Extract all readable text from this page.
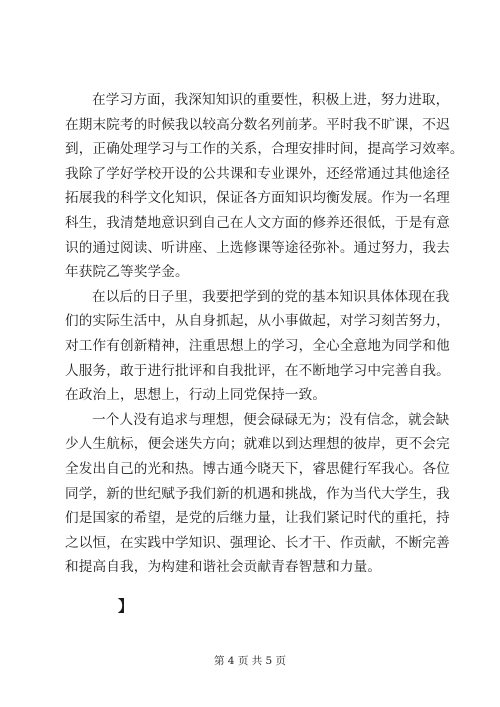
在学习方面，我深知知识的重要性，积极上进，努力进取，
在期末院考的时候我以较高分数名列前茅。平时我不旷课，不迟
到，正确处理学习与工作的关系，合理安排时间，提高学习效率。
我除了学好学校开设的公共课和专业课外，还经常通过其他途径
拓展我的科学文化知识，保证各方面知识均衡发展。作为一名理
科生，我清楚地意识到自己在人文方面的修养还很低，于是有意
识的通过阅读、听讲座、上选修课等途径弥补。通过努力，我去
年获院乙等奖学金。
在以后的日子里，我要把学到的党的基本知识具体体现在我
们的实际生活中，从自身抓起，从小事做起，对学习刻苦努力，
对工作有创新精神，注重思想上的学习，全心全意地为同学和他
人服务，敢于进行批评和自我批评，在不断地学习中完善自我。
在政治上，思想上，行动上同党保持一致。
一个人没有追求与理想，便会碌碌无为；没有信念，就会缺
少人生航标，便会迷失方向；就难以到达理想的彼岸，更不会完
全发出自己的光和热。博古通今晓天下，睿思健行军我心。各位
同学，新的世纪赋予我们新的机遇和挑战，作为当代大学生，我
们是国家的希望，是党的后继力量，让我们紧记时代的重托，持
之以恒，在实践中学知识、强理论、长才干、作贡献，不断完善
和提高自我，为构建和谐社会贡献青春智慧和力量。
】
第 4 页 共 5 页
